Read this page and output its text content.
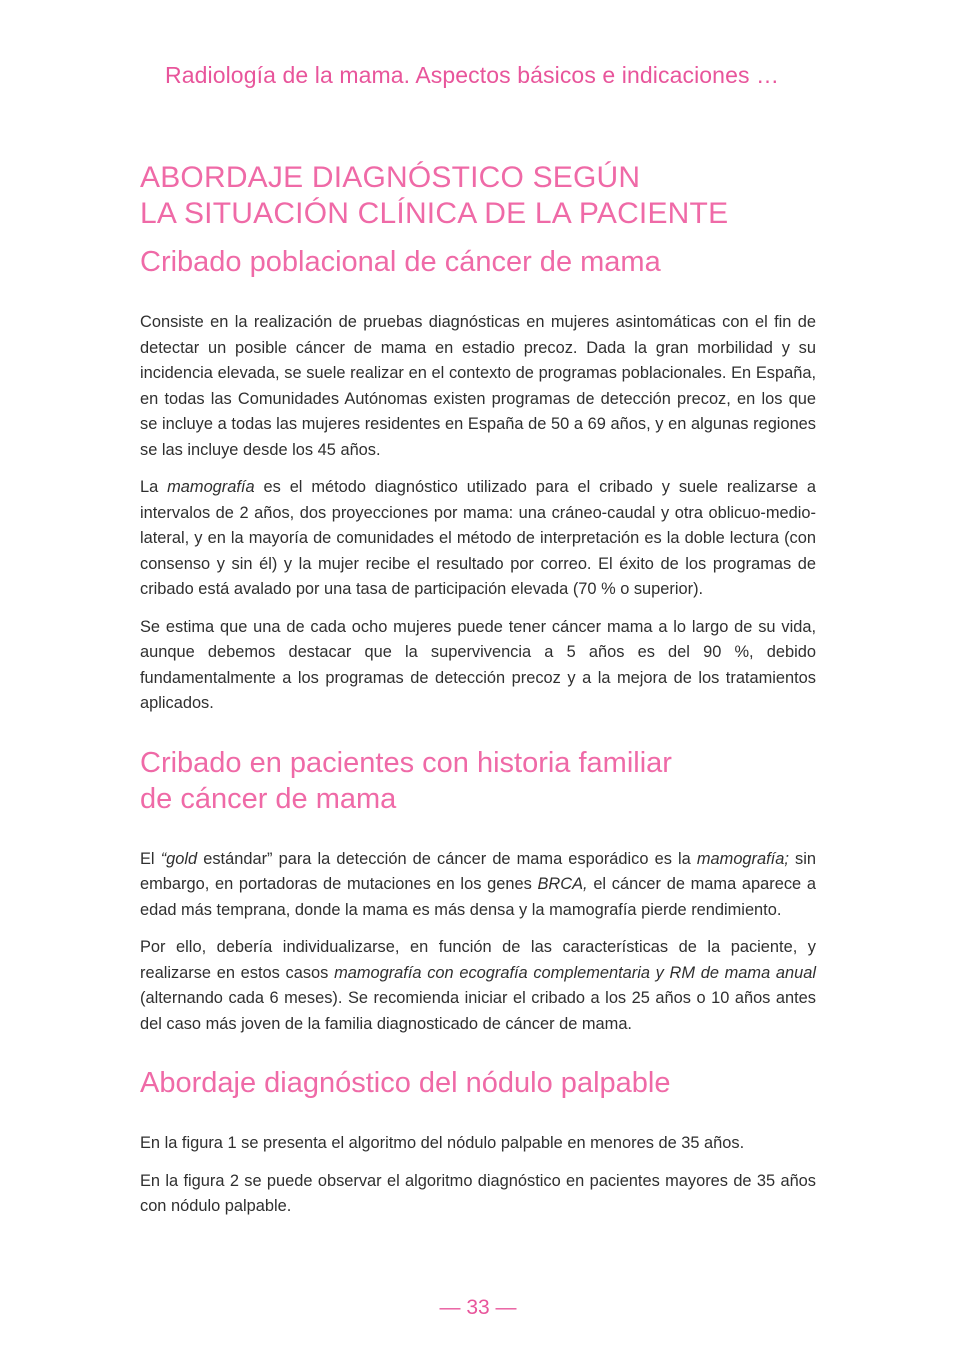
Radiología de la mama. Aspectos básicos e indicaciones …
ABORDAJE DIAGNÓSTICO SEGÚN
LA SITUACIÓN CLÍNICA DE LA PACIENTE
Cribado poblacional de cáncer de mama

Consiste en la realización de pruebas diagnósticas en mujeres asintomáticas con el fin de detectar un posible cáncer de mama en estadio precoz. Dada la gran morbilidad y su incidencia elevada, se suele realizar en el contexto de programas poblacionales. En España, en todas las Comunidades Autónomas existen programas de detección precoz, en los que se incluye a todas las mujeres residentes en España de 50 a 69 años, y en algunas regiones se las incluye desde los 45 años.

La mamografía es el método diagnóstico utilizado para el cribado y suele realizarse a intervalos de 2 años, dos proyecciones por mama: una cráneo-caudal y otra oblicuo-medio-lateral, y en la mayoría de comunidades el método de interpretación es la doble lectura (con consenso y sin él) y la mujer recibe el resultado por correo. El éxito de los programas de cribado está avalado por una tasa de participación elevada (70 % o superior).

Se estima que una de cada ocho mujeres puede tener cáncer mama a lo largo de su vida, aunque debemos destacar que la supervivencia a 5 años es del 90 %, debido fundamentalmente a los programas de detección precoz y a la mejora de los tratamientos aplicados.

Cribado en pacientes con historia familiar
de cáncer de mama

El “gold estándar” para la detección de cáncer de mama esporádico es la mamografía; sin embargo, en portadoras de mutaciones en los genes BRCA, el cáncer de mama aparece a edad más temprana, donde la mama es más densa y la mamografía pierde rendimiento.

Por ello, debería individualizarse, en función de las características de la paciente, y realizarse en estos casos mamografía con ecografía complementaria y RM de mama anual (alternando cada 6 meses). Se recomienda iniciar el cribado a los 25 años o 10 años antes del caso más joven de la familia diagnosticado de cáncer de mama.

Abordaje diagnóstico del nódulo palpable

En la figura 1 se presenta el algoritmo del nódulo palpable en menores de 35 años.

En la figura 2 se puede observar el algoritmo diagnóstico en pacientes mayores de 35 años con nódulo palpable.

— 33 —
